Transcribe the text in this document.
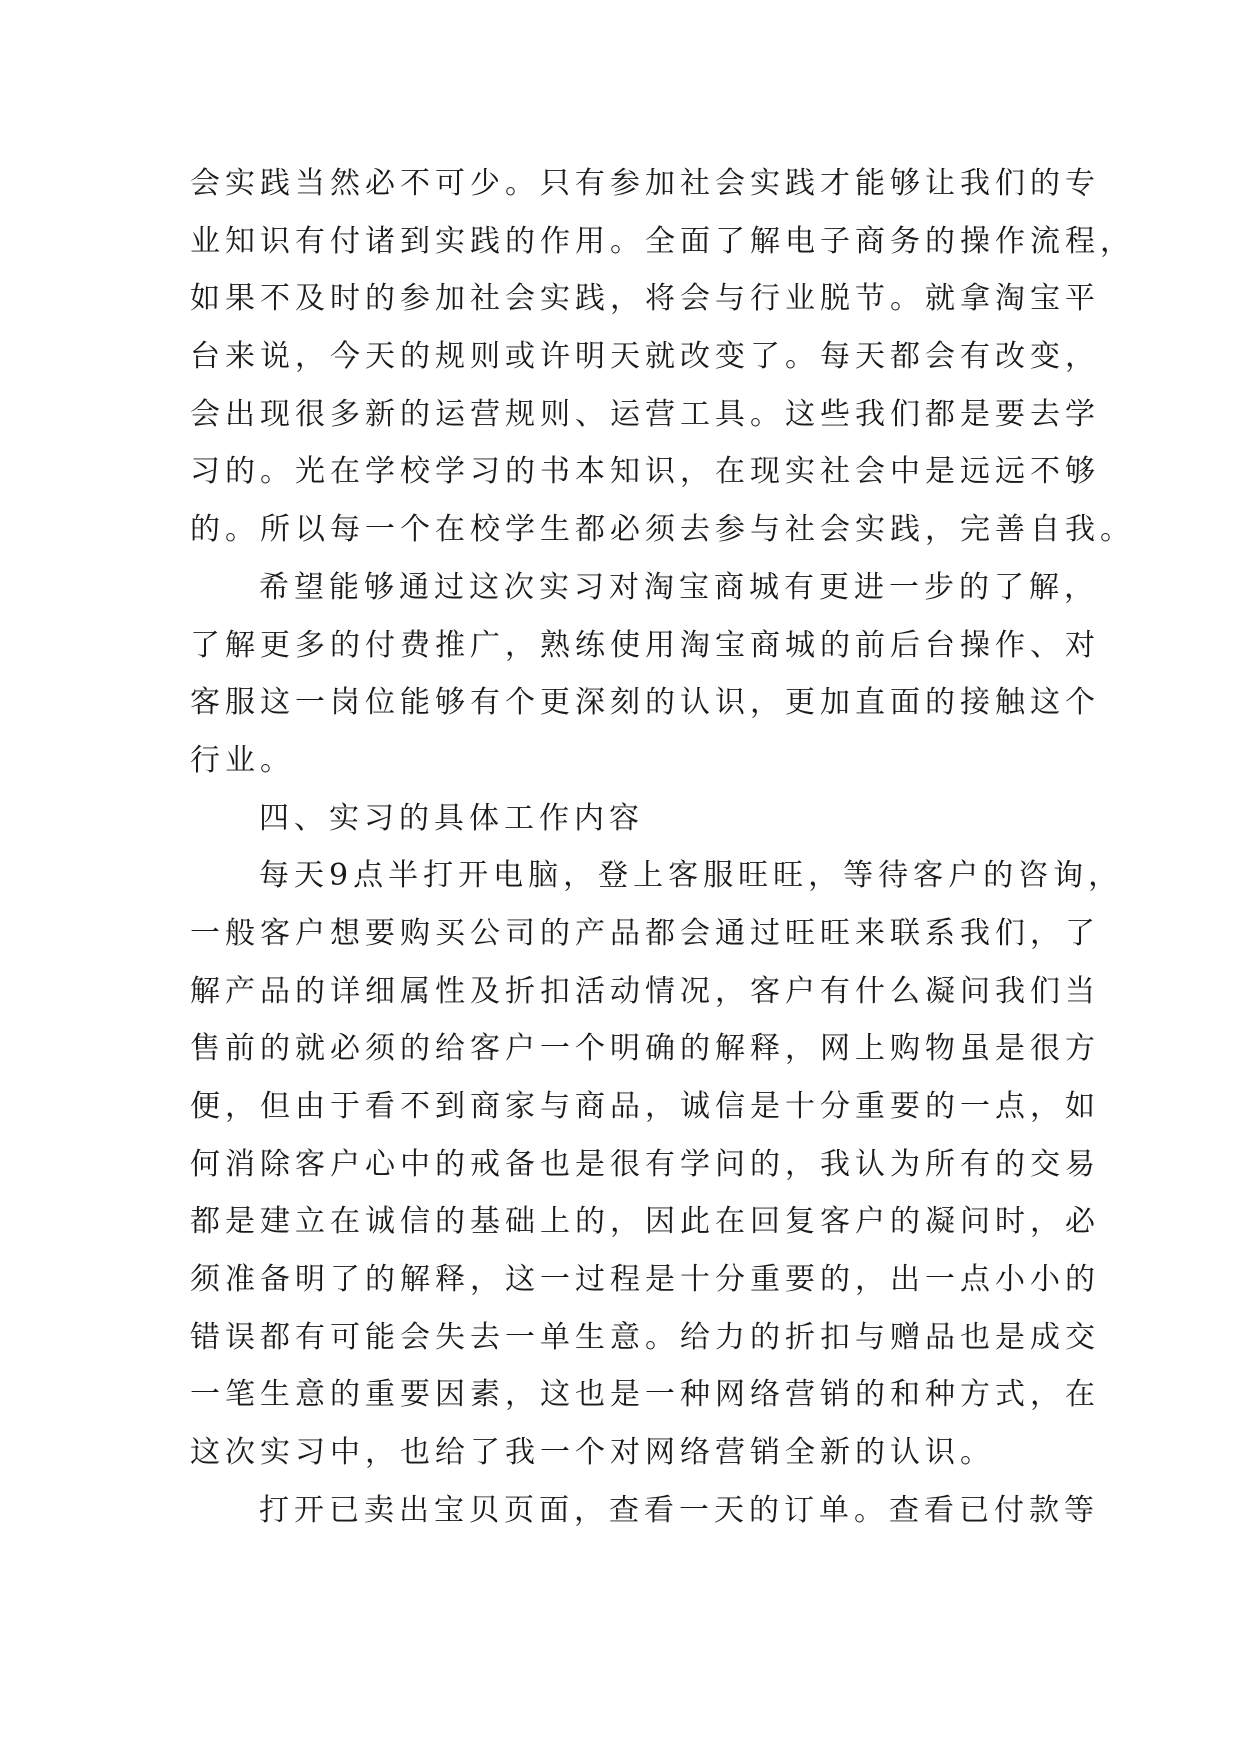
会实践当然必不可少。只有参加社会实践才能够让我们的专
业知识有付诸到实践的作用。全面了解电子商务的操作流程，
如果不及时的参加社会实践，将会与行业脱节。就拿淘宝平
台来说，今天的规则或许明天就改变了。每天都会有改变，
会出现很多新的运营规则、运营工具。这些我们都是要去学
习的。光在学校学习的书本知识，在现实社会中是远远不够
的。所以每一个在校学生都必须去参与社会实践，完善自我。
希望能够通过这次实习对淘宝商城有更进一步的了解，
了解更多的付费推广，熟练使用淘宝商城的前后台操作、对
客服这一岗位能够有个更深刻的认识，更加直面的接触这个
行业。
四、实习的具体工作内容
每天9点半打开电脑，登上客服旺旺，等待客户的咨询，
一般客户想要购买公司的产品都会通过旺旺来联系我们，了
解产品的详细属性及折扣活动情况，客户有什么凝问我们当
售前的就必须的给客户一个明确的解释，网上购物虽是很方
便，但由于看不到商家与商品，诚信是十分重要的一点，如
何消除客户心中的戒备也是很有学问的，我认为所有的交易
都是建立在诚信的基础上的，因此在回复客户的凝问时，必
须准备明了的解释，这一过程是十分重要的，出一点小小的
错误都有可能会失去一单生意。给力的折扣与赠品也是成交
一笔生意的重要因素，这也是一种网络营销的和种方式，在
这次实习中，也给了我一个对网络营销全新的认识。
打开已卖出宝贝页面，查看一天的订单。查看已付款等
